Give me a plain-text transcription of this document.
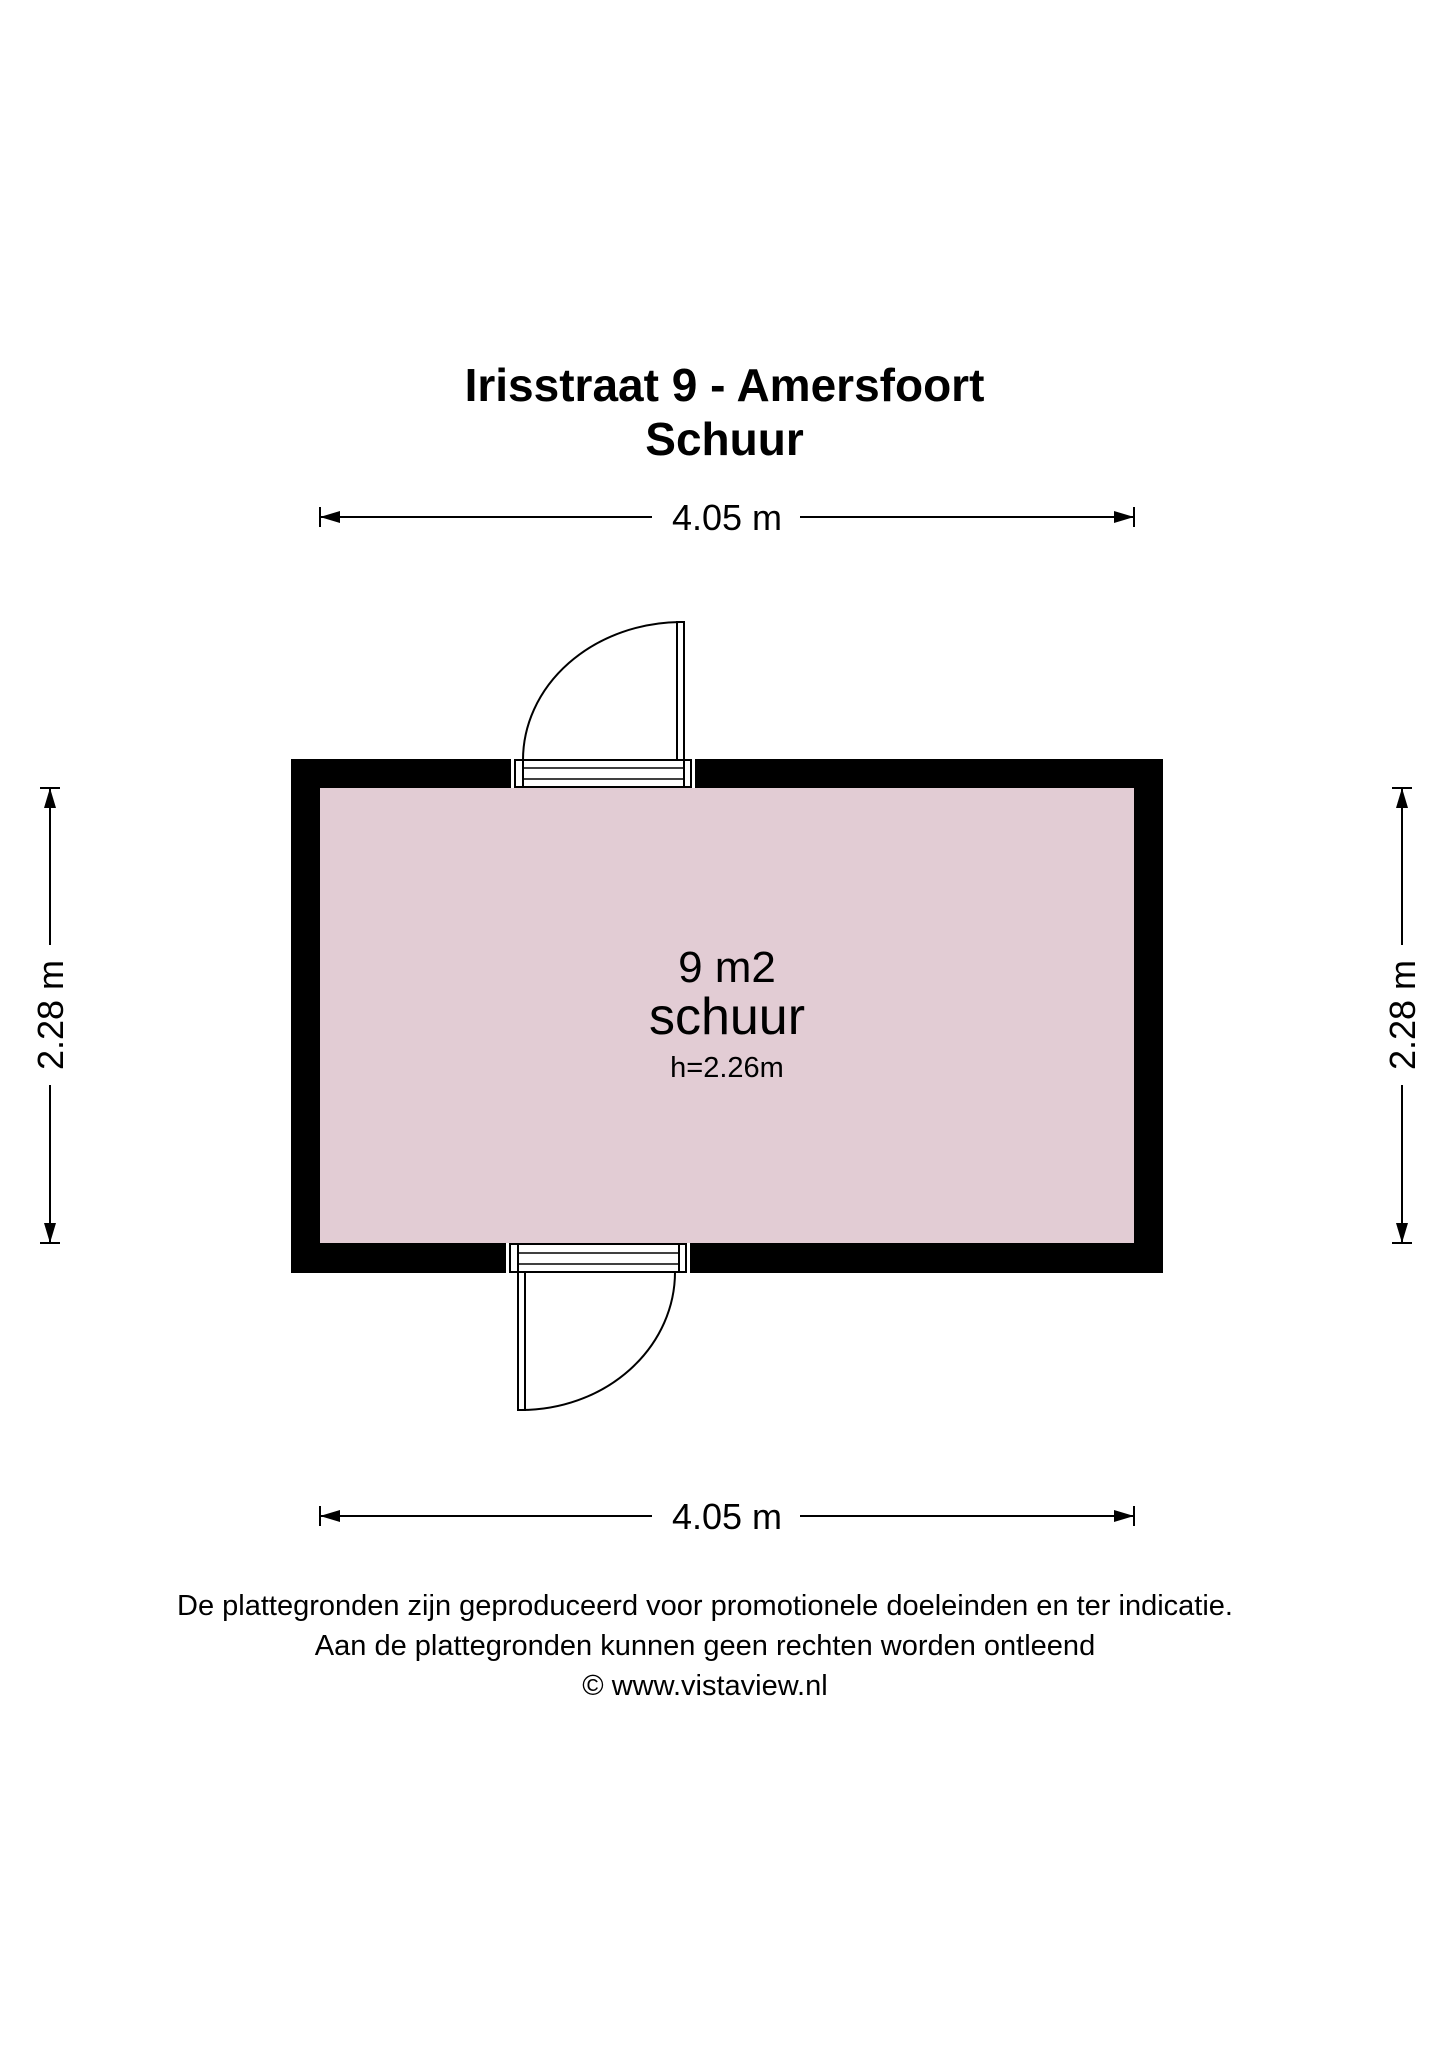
Irisstraat 9 - Amersfoort
Schuur
4.05 m
4.05 m
2.28 m	2.28 m
9 m2
schuur
h=2.26m
De plattegronden zijn geproduceerd voor promotionele doeleinden en ter indicatie.
Aan de plattegronden kunnen geen rechten worden ontleend
© www.vistaview.nl
